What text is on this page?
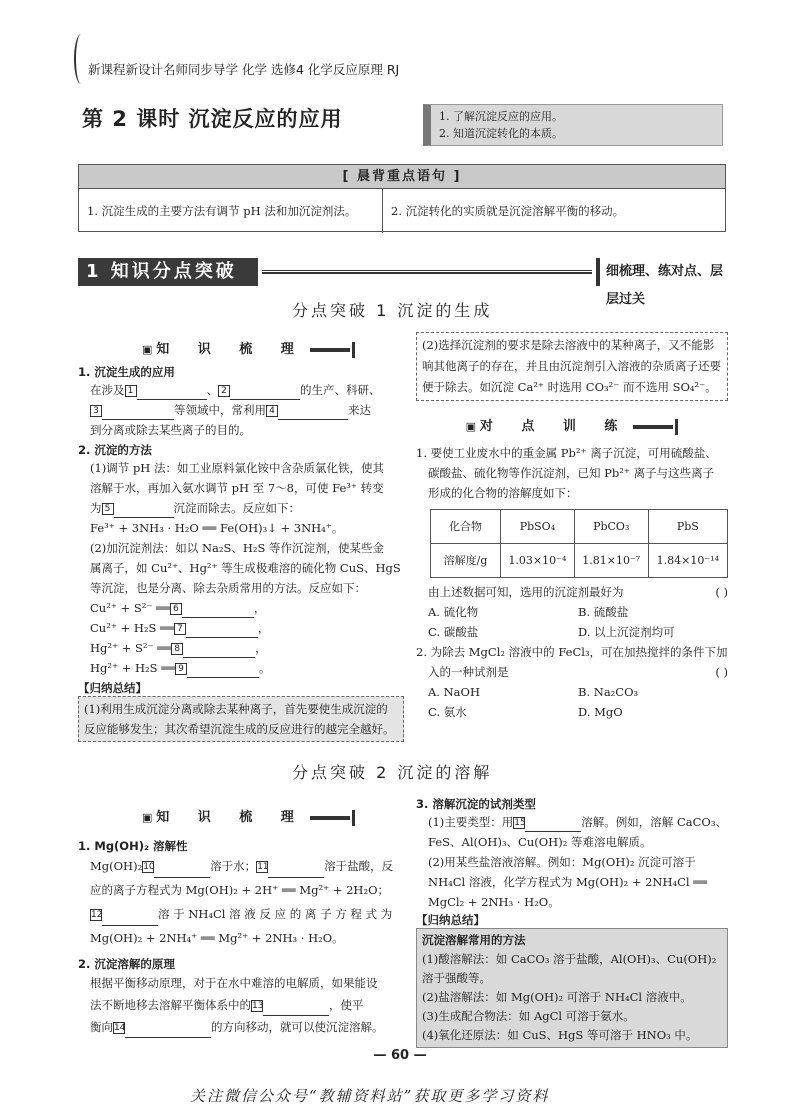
新课程新设计名师同步导学 化学 选修4 化学反应原理 RJ
第 2 课时 沉淀反应的应用	1. 了解沉淀反应的应用。
2. 知道沉淀转化的本质。
[ 晨背重点语句 ]
1. 沉淀生成的主要方法有调节 pH 法和加沉淀剂法。	2. 沉淀转化的实质就是沉淀溶解平衡的移动。
1 知识分点突破	细梳理、练对点、层层过关
分点突破 1 沉淀的生成
▣ 知 识 梳 理
1. 沉淀生成的应用
在涉及 1	、 2	的生产、科研、
3	等领域中，常利用 4	来达
到分离或除去某些离子的目的。
2. 沉淀的方法
(1)调节 pH 法：如工业原料氯化铵中含杂质氯化铁，使其
溶解于水，再加入氨水调节 pH 至 7～8，可使 Fe³⁺ 转变
为 5	沉淀而除去。反应如下：
Fe³⁺ + 3NH₃ · H₂O ══ Fe(OH)₃↓ + 3NH₄⁺。
(2)加沉淀剂法：如以 Na₂S、H₂S 等作沉淀剂，使某些金
属离子，如 Cu²⁺、Hg²⁺ 等生成极难溶的硫化物 CuS、HgS
等沉淀，也是分离、除去杂质常用的方法。反应如下：
Cu²⁺ + S²⁻ ══ 6	，
Cu²⁺ + H₂S ══ 7	，
Hg²⁺ + S²⁻ ══ 8	，
Hg²⁺ + H₂S ══ 9	。
【归纳总结】
(1)利用生成沉淀分离或除去某种离子，首先要使生成沉淀的反应能够发生；其次希望沉淀生成的反应进行的越完全越好。
(2)选择沉淀剂的要求是除去溶液中的某种离子，又不能影响其他离子的存在，并且由沉淀剂引入溶液的杂质离子还要便于除去。如沉淀 Ca²⁺ 时选用 CO₃²⁻ 而不选用 SO₄²⁻。
▣ 对 点 训 练
1. 要使工业废水中的重金属 Pb²⁺ 离子沉淀，可用硫酸盐、
碳酸盐、硫化物等作沉淀剂，已知 Pb²⁺ 离子与这些离子
形成的化合物的溶解度如下：
化合物	PbSO₄	PbCO₃	PbS
溶解度/g	1.03×10⁻⁴	1.81×10⁻⁷	1.84×10⁻¹⁴
由上述数据可知，选用的沉淀剂最好为	( )
A. 硫化物	B. 硫酸盐
C. 碳酸盐	D. 以上沉淀剂均可
2. 为除去 MgCl₂ 溶液中的 FeCl₃，可在加热搅拌的条件下加
入的一种试剂是	( )
A. NaOH	B. Na₂CO₃
C. 氨水	D. MgO
分点突破 2 沉淀的溶解
▣ 知 识 梳 理
1. Mg(OH)₂ 溶解性
Mg(OH)₂10	溶于水；11	溶于盐酸，反
应的离子方程式为 Mg(OH)₂ + 2H⁺ ══ Mg²⁺ + 2H₂O；
12	溶 于 NH₄Cl 溶 液 反 应 的 离 子 方 程 式 为
Mg(OH)₂ + 2NH₄⁺ ══ Mg²⁺ + 2NH₃ · H₂O。
2. 沉淀溶解的原理
根据平衡移动原理，对于在水中难溶的电解质，如果能设
法不断地移去溶解平衡体系中的13	，使平
衡向14	的方向移动，就可以使沉淀溶解。
3. 溶解沉淀的试剂类型
(1)主要类型：用15	溶解。例如，溶解 CaCO₃、
FeS、Al(OH)₃、Cu(OH)₂ 等难溶电解质。
(2)用某些盐溶液溶解。例如：Mg(OH)₂ 沉淀可溶于
NH₄Cl 溶液，化学方程式为 Mg(OH)₂ + 2NH₄Cl ══
MgCl₂ + 2NH₃ · H₂O。
【归纳总结】
沉淀溶解常用的方法
(1)酸溶解法：如 CaCO₃ 溶于盐酸，Al(OH)₃、Cu(OH)₂ 溶于强酸等。
(2)盐溶解法：如 Mg(OH)₂ 可溶于 NH₄Cl 溶液中。
(3)生成配合物法：如 AgCl 可溶于氨水。
(4)氧化还原法：如 CuS、HgS 等可溶于 HNO₃ 中。
— 60 —
关注微信公众号“教辅资料站”获取更多学习资料
